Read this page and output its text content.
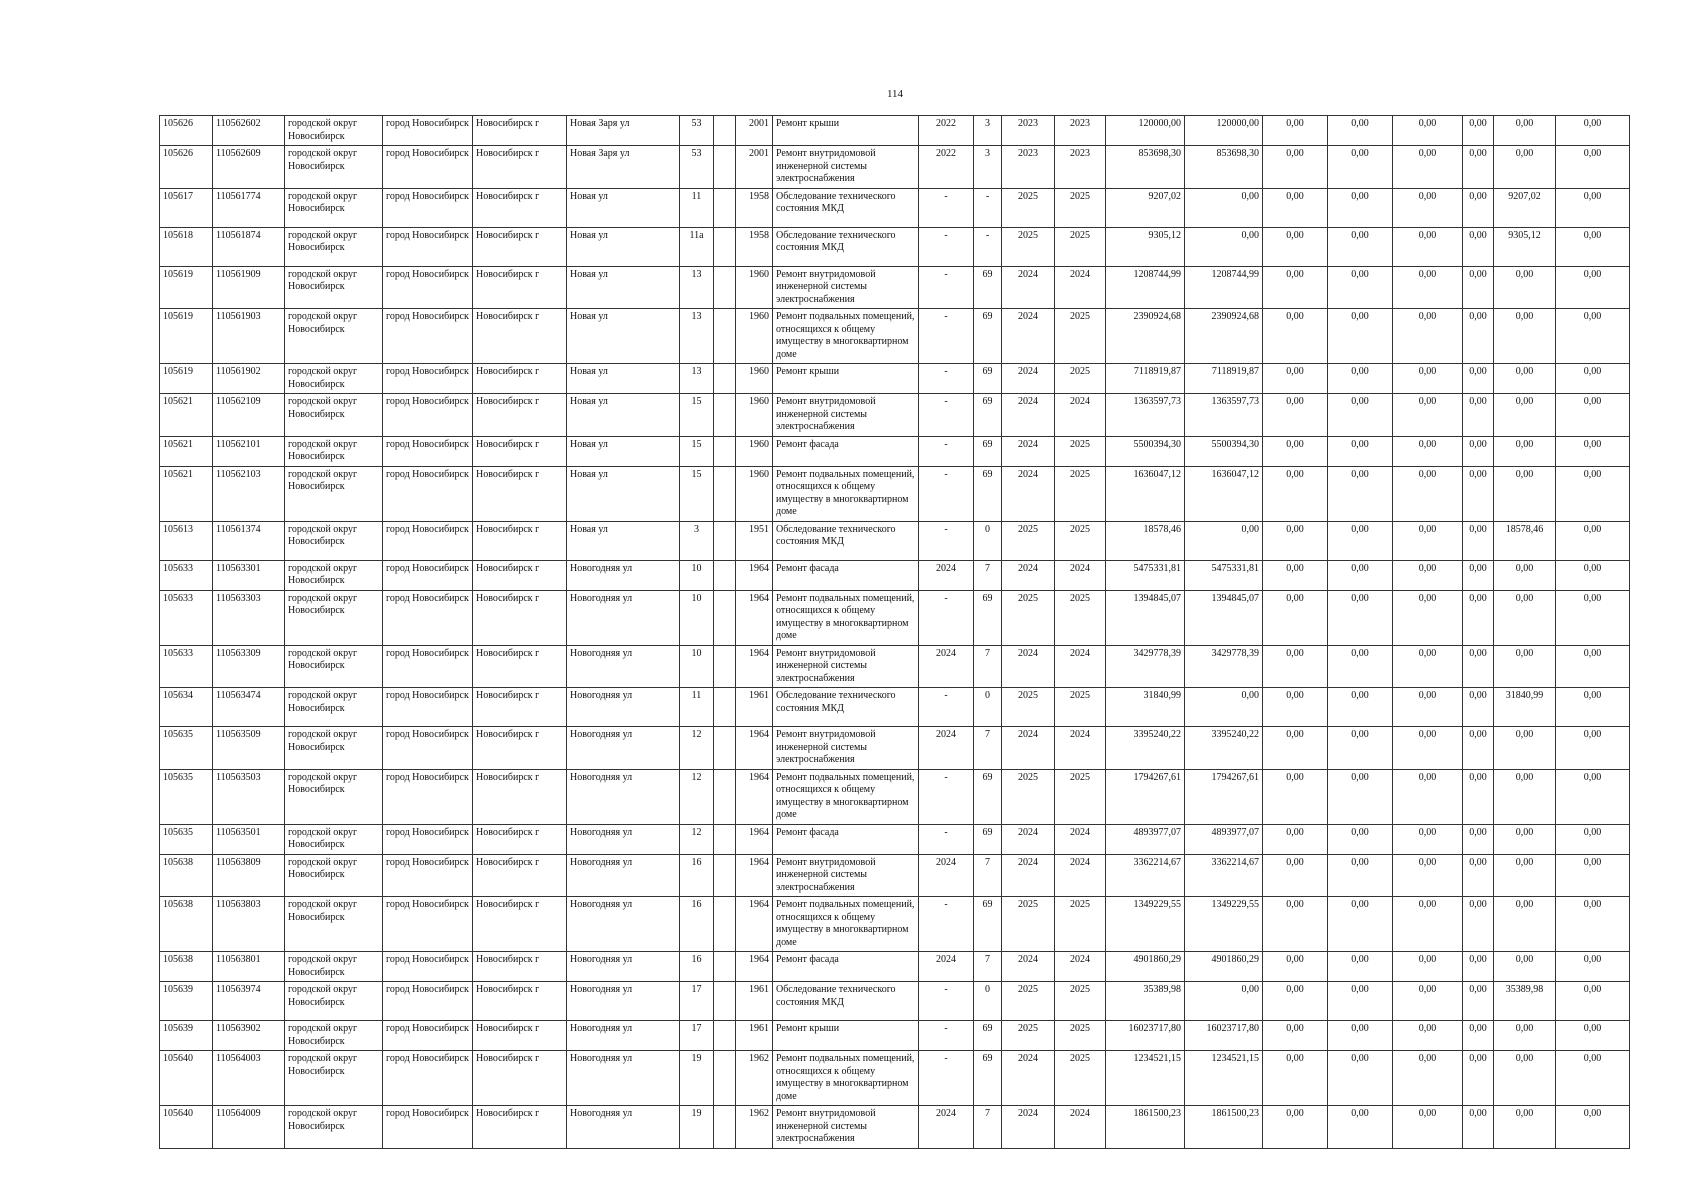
114
105626	110562602	городской округ Новосибирск	город Новосибирск	Новосибирск г	Новая Заря ул	53		2001	Ремонт крыши	2022	3	2023	2023	120000,00	120000,00	0,00	0,00	0,00	0,00	0,00	0,00
105626	110562609	городской округ Новосибирск	город Новосибирск	Новосибирск г	Новая Заря ул	53		2001	Ремонт внутридомовой инженерной системы электроснабжения	2022	3	2023	2023	853698,30	853698,30	0,00	0,00	0,00	0,00	0,00	0,00
105617	110561774	городской округ Новосибирск	город Новосибирск	Новосибирск г	Новая ул	11		1958	Обследование технического состояния МКД	-	-	2025	2025	9207,02	0,00	0,00	0,00	0,00	0,00	9207,02	0,00
105618	110561874	городской округ Новосибирск	город Новосибирск	Новосибирск г	Новая ул	11а		1958	Обследование технического состояния МКД	-	-	2025	2025	9305,12	0,00	0,00	0,00	0,00	0,00	9305,12	0,00
105619	110561909	городской округ Новосибирск	город Новосибирск	Новосибирск г	Новая ул	13		1960	Ремонт внутридомовой инженерной системы электроснабжения	-	69	2024	2024	1208744,99	1208744,99	0,00	0,00	0,00	0,00	0,00	0,00
105619	110561903	городской округ Новосибирск	город Новосибирск	Новосибирск г	Новая ул	13		1960	Ремонт подвальных помещений, относящихся к общему имуществу в многоквартирном доме	-	69	2024	2025	2390924,68	2390924,68	0,00	0,00	0,00	0,00	0,00	0,00
105619	110561902	городской округ Новосибирск	город Новосибирск	Новосибирск г	Новая ул	13		1960	Ремонт крыши	-	69	2024	2025	7118919,87	7118919,87	0,00	0,00	0,00	0,00	0,00	0,00
105621	110562109	городской округ Новосибирск	город Новосибирск	Новосибирск г	Новая ул	15		1960	Ремонт внутридомовой инженерной системы электроснабжения	-	69	2024	2024	1363597,73	1363597,73	0,00	0,00	0,00	0,00	0,00	0,00
105621	110562101	городской округ Новосибирск	город Новосибирск	Новосибирск г	Новая ул	15		1960	Ремонт фасада	-	69	2024	2025	5500394,30	5500394,30	0,00	0,00	0,00	0,00	0,00	0,00
105621	110562103	городской округ Новосибирск	город Новосибирск	Новосибирск г	Новая ул	15		1960	Ремонт подвальных помещений, относящихся к общему имуществу в многоквартирном доме	-	69	2024	2025	1636047,12	1636047,12	0,00	0,00	0,00	0,00	0,00	0,00
105613	110561374	городской округ Новосибирск	город Новосибирск	Новосибирск г	Новая ул	3		1951	Обследование технического состояния МКД	-	0	2025	2025	18578,46	0,00	0,00	0,00	0,00	0,00	18578,46	0,00
105633	110563301	городской округ Новосибирск	город Новосибирск	Новосибирск г	Новогодняя ул	10		1964	Ремонт фасада	2024	7	2024	2024	5475331,81	5475331,81	0,00	0,00	0,00	0,00	0,00	0,00
105633	110563303	городской округ Новосибирск	город Новосибирск	Новосибирск г	Новогодняя ул	10		1964	Ремонт подвальных помещений, относящихся к общему имуществу в многоквартирном доме	-	69	2025	2025	1394845,07	1394845,07	0,00	0,00	0,00	0,00	0,00	0,00
105633	110563309	городской округ Новосибирск	город Новосибирск	Новосибирск г	Новогодняя ул	10		1964	Ремонт внутридомовой инженерной системы электроснабжения	2024	7	2024	2024	3429778,39	3429778,39	0,00	0,00	0,00	0,00	0,00	0,00
105634	110563474	городской округ Новосибирск	город Новосибирск	Новосибирск г	Новогодняя ул	11		1961	Обследование технического состояния МКД	-	0	2025	2025	31840,99	0,00	0,00	0,00	0,00	0,00	31840,99	0,00
105635	110563509	городской округ Новосибирск	город Новосибирск	Новосибирск г	Новогодняя ул	12		1964	Ремонт внутридомовой инженерной системы электроснабжения	2024	7	2024	2024	3395240,22	3395240,22	0,00	0,00	0,00	0,00	0,00	0,00
105635	110563503	городской округ Новосибирск	город Новосибирск	Новосибирск г	Новогодняя ул	12		1964	Ремонт подвальных помещений, относящихся к общему имуществу в многоквартирном доме	-	69	2025	2025	1794267,61	1794267,61	0,00	0,00	0,00	0,00	0,00	0,00
105635	110563501	городской округ Новосибирск	город Новосибирск	Новосибирск г	Новогодняя ул	12		1964	Ремонт фасада	-	69	2024	2024	4893977,07	4893977,07	0,00	0,00	0,00	0,00	0,00	0,00
105638	110563809	городской округ Новосибирск	город Новосибирск	Новосибирск г	Новогодняя ул	16		1964	Ремонт внутридомовой инженерной системы электроснабжения	2024	7	2024	2024	3362214,67	3362214,67	0,00	0,00	0,00	0,00	0,00	0,00
105638	110563803	городской округ Новосибирск	город Новосибирск	Новосибирск г	Новогодняя ул	16		1964	Ремонт подвальных помещений, относящихся к общему имуществу в многоквартирном доме	-	69	2025	2025	1349229,55	1349229,55	0,00	0,00	0,00	0,00	0,00	0,00
105638	110563801	городской округ Новосибирск	город Новосибирск	Новосибирск г	Новогодняя ул	16		1964	Ремонт фасада	2024	7	2024	2024	4901860,29	4901860,29	0,00	0,00	0,00	0,00	0,00	0,00
105639	110563974	городской округ Новосибирск	город Новосибирск	Новосибирск г	Новогодняя ул	17		1961	Обследование технического состояния МКД	-	0	2025	2025	35389,98	0,00	0,00	0,00	0,00	0,00	35389,98	0,00
105639	110563902	городской округ Новосибирск	город Новосибирск	Новосибирск г	Новогодняя ул	17		1961	Ремонт крыши	-	69	2025	2025	16023717,80	16023717,80	0,00	0,00	0,00	0,00	0,00	0,00
105640	110564003	городской округ Новосибирск	город Новосибирск	Новосибирск г	Новогодняя ул	19		1962	Ремонт подвальных помещений, относящихся к общему имуществу в многоквартирном доме	-	69	2024	2025	1234521,15	1234521,15	0,00	0,00	0,00	0,00	0,00	0,00
105640	110564009	городской округ Новосибирск	город Новосибирск	Новосибирск г	Новогодняя ул	19		1962	Ремонт внутридомовой инженерной системы электроснабжения	2024	7	2024	2024	1861500,23	1861500,23	0,00	0,00	0,00	0,00	0,00	0,00
